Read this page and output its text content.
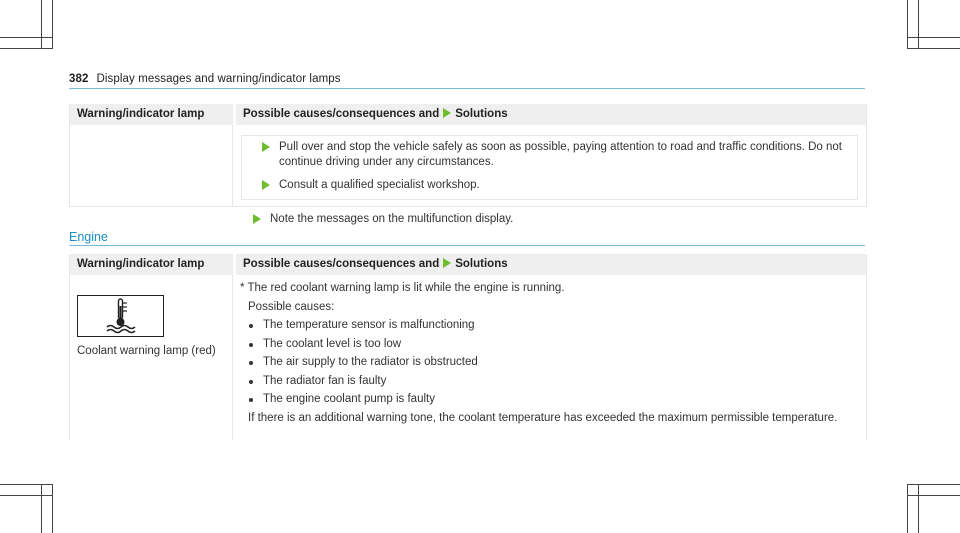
382 Display messages and warning/indicator lamps
Warning/indicator lamp	Possible causes/consequences and Solutions
Pull over and stop the vehicle safely as soon as possible, paying attention to road and traffic conditions. Do not continue driving under any circumstances.
Consult a qualified specialist workshop.
Note the messages on the multifunction display.
Engine
Warning/indicator lamp	Possible causes/consequences and Solutions
Coolant warning lamp (red)
* The red coolant warning lamp is lit while the engine is running.
Possible causes:
The temperature sensor is malfunctioning
The coolant level is too low
The air supply to the radiator is obstructed
The radiator fan is faulty
The engine coolant pump is faulty
If there is an additional warning tone, the coolant temperature has exceeded the maximum permissible temperature.
